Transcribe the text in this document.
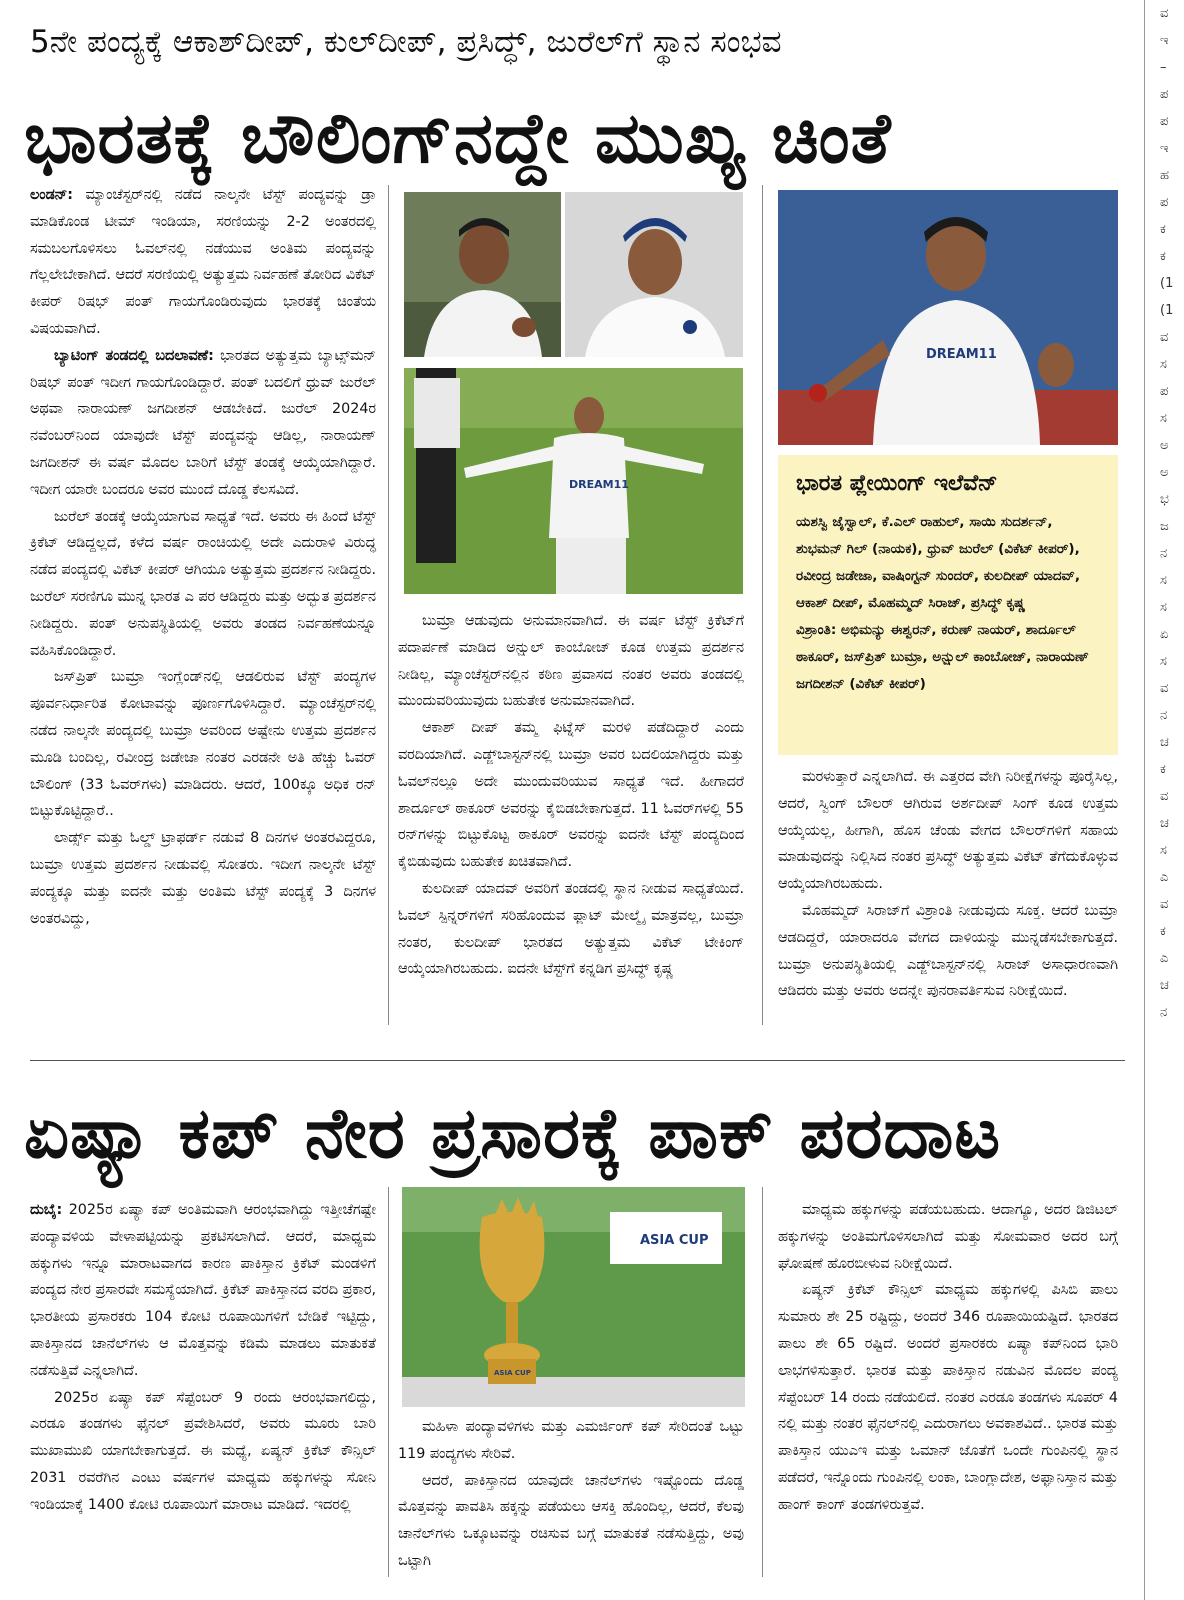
5ನೇ ಪಂದ್ಯಕ್ಕೆ ಆಕಾಶ್‌ದೀಪ್, ಕುಲ್‌ದೀಪ್, ಪ್ರಸಿದ್ಧ್, ಜುರೆಲ್‌ಗೆ ಸ್ಥಾನ ಸಂಭವ
ಭಾರತಕ್ಕೆ ಬೌಲಿಂಗ್‌ನದ್ದೇ ಮುಖ್ಯ ಚಿಂತೆ

ಲಂಡನ್: ಮ್ಯಾಂಚೆಸ್ಟರ್‌ನಲ್ಲಿ ನಡೆದ ನಾಲ್ಕನೇ ಟೆಸ್ಟ್ ಪಂದ್ಯವನ್ನು ಡ್ರಾ ಮಾಡಿಕೊಂಡ ಟೀಮ್ ಇಂಡಿಯಾ, ಸರಣಿಯನ್ನು 2-2 ಅಂತರದಲ್ಲಿ ಸಮಬಲಗೊಳಿಸಲು ಓವಲ್‌ನಲ್ಲಿ ನಡೆಯುವ ಅಂತಿಮ ಪಂದ್ಯವನ್ನು ಗೆಲ್ಲಲೇಬೇಕಾಗಿದೆ. ಆದರೆ ಸರಣಿಯಲ್ಲಿ ಅತ್ಯುತ್ತಮ ನಿರ್ವಹಣೆ ತೋರಿದ ವಿಕೆಟ್ ಕೀಪರ್ ರಿಷಭ್ ಪಂತ್ ಗಾಯಗೊಂಡಿರುವುದು ಭಾರತಕ್ಕೆ ಚಿಂತೆಯ ವಿಷಯವಾಗಿದೆ.

ಬ್ಯಾಟಿಂಗ್ ತಂಡದಲ್ಲಿ ಬದಲಾವಣೆ: ಭಾರತದ ಅತ್ಯುತ್ತಮ ಬ್ಯಾಟ್ಸ್‌ಮನ್ ರಿಷಭ್ ಪಂತ್ ಇದೀಗ ಗಾಯಗೊಂಡಿದ್ದಾರೆ. ಪಂತ್ ಬದಲಿಗೆ ಧ್ರುವ್ ಜುರೆಲ್ ಅಥವಾ ನಾರಾಯಣ್ ಜಗದೀಶನ್ ಆಡಬೇಕಿದೆ. ಜುರೆಲ್ 2024ರ ನವೆಂಬರ್‌ನಿಂದ ಯಾವುದೇ ಟೆಸ್ಟ್ ಪಂದ್ಯವನ್ನು ಆಡಿಲ್ಲ, ನಾರಾಯಣ್ ಜಗದೀಶನ್ ಈ ವರ್ಷ ಮೊದಲ ಬಾರಿಗೆ ಟೆಸ್ಟ್ ತಂಡಕ್ಕೆ ಆಯ್ಕೆಯಾಗಿದ್ದಾರೆ. ಇದೀಗ ಯಾರೇ ಬಂದರೂ ಅವರ ಮುಂದೆ ದೊಡ್ಡ ಕೆಲಸವಿದೆ.

ಜುರೆಲ್ ತಂಡಕ್ಕೆ ಆಯ್ಕೆಯಾಗುವ ಸಾಧ್ಯತೆ ಇದೆ. ಅವರು ಈ ಹಿಂದೆ ಟೆಸ್ಟ್ ಕ್ರಿಕೆಟ್ ಆಡಿದ್ದಲ್ಲದೆ, ಕಳೆದ ವರ್ಷ ರಾಂಚಿಯಲ್ಲಿ ಅದೇ ಎದುರಾಳಿ ವಿರುದ್ಧ ನಡೆದ ಪಂದ್ಯದಲ್ಲಿ ವಿಕೆಟ್ ಕೀಪರ್ ಆಗಿಯೂ ಅತ್ಯುತ್ತಮ ಪ್ರದರ್ಶನ ನೀಡಿದ್ದರು. ಜುರೆಲ್ ಸರಣಿಗೂ ಮುನ್ನ ಭಾರತ ಎ ಪರ ಆಡಿದ್ದರು ಮತ್ತು ಅದ್ಭುತ ಪ್ರದರ್ಶನ ನೀಡಿದ್ದರು. ಪಂತ್ ಅನುಪಸ್ಥಿತಿಯಲ್ಲಿ ಅವರು ತಂಡದ ನಿರ್ವಹಣೆಯನ್ನೂ ವಹಿಸಿಕೊಂಡಿದ್ದಾರೆ.

ಜಸ್‌ಪ್ರಿತ್ ಬುಮ್ರಾ ಇಂಗ್ಲೆಂಡ್‌ನಲ್ಲಿ ಆಡಲಿರುವ ಟೆಸ್ಟ್ ಪಂದ್ಯಗಳ ಪೂರ್ವನಿರ್ಧಾರಿತ ಕೋಟಾವನ್ನು ಪೂರ್ಣಗೊಳಿಸಿದ್ದಾರೆ. ಮ್ಯಾಂಚೆಸ್ಟರ್‌ನಲ್ಲಿ ನಡೆದ ನಾಲ್ಕನೇ ಪಂದ್ಯದಲ್ಲಿ ಬುಮ್ರಾ ಅವರಿಂದ ಅಷ್ಟೇನು ಉತ್ತಮ ಪ್ರದರ್ಶನ ಮೂಡಿ ಬಂದಿಲ್ಲ, ರವೀಂದ್ರ ಜಡೇಜಾ ನಂತರ ಎರಡನೇ ಅತಿ ಹೆಚ್ಚು ಓವರ್ ಬೌಲಿಂಗ್ (33 ಓವರ್‌ಗಳು) ಮಾಡಿದರು. ಆದರೆ, 100ಕ್ಕೂ ಅಧಿಕ ರನ್ ಬಿಟ್ಟುಕೊಟ್ಟಿದ್ದಾರೆ..

ಲಾರ್ಡ್ಸ್ ಮತ್ತು ಓಲ್ಡ್ ಟ್ರಾಫರ್ಡ್ ನಡುವೆ 8 ದಿನಗಳ ಅಂತರವಿದ್ದರೂ, ಬುಮ್ರಾ ಉತ್ತಮ ಪ್ರದರ್ಶನ ನೀಡುವಲ್ಲಿ ಸೋತರು. ಇದೀಗ ನಾಲ್ಕನೇ ಟೆಸ್ಟ್ ಪಂದ್ಯಕ್ಕೂ ಮತ್ತು ಐದನೇ ಮತ್ತು ಅಂತಿಮ ಟೆಸ್ಟ್ ಪಂದ್ಯಕ್ಕೆ 3 ದಿನಗಳ ಅಂತರವಿದ್ದು,

ಬುಮ್ರಾ ಆಡುವುದು ಅನುಮಾನವಾಗಿದೆ. ಈ ವರ್ಷ ಟೆಸ್ಟ್ ಕ್ರಿಕೆಟ್‌ಗೆ ಪದಾರ್ಪಣೆ ಮಾಡಿದ ಅನ್ಷುಲ್ ಕಾಂಬೋಜ್ ಕೂಡ ಉತ್ತಮ ಪ್ರದರ್ಶನ ನೀಡಿಲ್ಲ, ಮ್ಯಾಂಚೆಸ್ಟರ್‌ನಲ್ಲಿನ ಕಠಿಣ ಪ್ರವಾಸದ ನಂತರ ಅವರು ತಂಡದಲ್ಲಿ ಮುಂದುವರಿಯುವುದು ಬಹುತೇಕ ಅನುಮಾನವಾಗಿದೆ.

ಆಕಾಶ್ ದೀಪ್ ತಮ್ಮ ಫಿಟ್ನೆಸ್ ಮರಳಿ ಪಡೆದಿದ್ದಾರೆ ಎಂದು ವರದಿಯಾಗಿದೆ. ಎಡ್ಜ್‌ಬಾಸ್ಟನ್‌ನಲ್ಲಿ ಬುಮ್ರಾ ಅವರ ಬದಲಿಯಾಗಿದ್ದರು ಮತ್ತು ಓವಲ್‌ನಲ್ಲೂ ಅದೇ ಮುಂದುವರಿಯುವ ಸಾಧ್ಯತೆ ಇದೆ. ಹೀಗಾದರೆ ಶಾರ್ದೂಲ್ ಠಾಕೂರ್ ಅವರನ್ನು ಕೈಬಿಡಬೇಕಾಗುತ್ತದೆ. 11 ಓವರ್‌ಗಳಲ್ಲಿ 55 ರನ್‌ಗಳನ್ನು ಬಿಟ್ಟುಕೊಟ್ಟ ಠಾಕೂರ್ ಅವರನ್ನು ಐದನೇ ಟೆಸ್ಟ್ ಪಂದ್ಯದಿಂದ ಕೈಬಿಡುವುದು ಬಹುತೇಕ ಖಚಿತವಾಗಿದೆ.

ಕುಲದೀಪ್ ಯಾದವ್ ಅವರಿಗೆ ತಂಡದಲ್ಲಿ ಸ್ಥಾನ ನೀಡುವ ಸಾಧ್ಯತೆಯಿದೆ. ಓವಲ್ ಸ್ಪಿನ್ನರ್‌ಗಳಿಗೆ ಸರಿಹೊಂದುವ ಫ್ಲಾಟ್ ಮೇಲ್ಮೈ ಮಾತ್ರವಲ್ಲ, ಬುಮ್ರಾ ನಂತರ, ಕುಲದೀಪ್ ಭಾರತದ ಅತ್ಯುತ್ತಮ ವಿಕೆಟ್ ಟೇಕಿಂಗ್ ಆಯ್ಕೆಯಾಗಿರಬಹುದು. ಐದನೇ ಟೆಸ್ಟ್‌ಗೆ ಕನ್ನಡಿಗ ಪ್ರಸಿದ್ಧ್ ಕೃಷ್ಣ

ಮರಳುತ್ತಾರೆ ಎನ್ನಲಾಗಿದೆ. ಈ ಎತ್ತರದ ವೇಗಿ ನಿರೀಕ್ಷೆಗಳನ್ನು ಪೂರೈಸಿಲ್ಲ, ಆದರೆ, ಸ್ವಿಂಗ್ ಬೌಲರ್ ಆಗಿರುವ ಅರ್ಶದೀಪ್ ಸಿಂಗ್ ಕೂಡ ಉತ್ತಮ ಆಯ್ಕೆಯಲ್ಲ, ಹೀಗಾಗಿ, ಹೊಸ ಚೆಂಡು ವೇಗದ ಬೌಲರ್‌ಗಳಿಗೆ ಸಹಾಯ ಮಾಡುವುದನ್ನು ನಿಲ್ಲಿಸಿದ ನಂತರ ಪ್ರಸಿದ್ಧ್ ಅತ್ಯುತ್ತಮ ವಿಕೆಟ್ ತೆಗೆದುಕೊಳ್ಳುವ ಆಯ್ಕೆಯಾಗಿರಬಹುದು.

ಮೊಹಮ್ಮದ್ ಸಿರಾಜ್‌ಗೆ ವಿಶ್ರಾಂತಿ ನೀಡುವುದು ಸೂಕ್ತ. ಆದರೆ ಬುಮ್ರಾ ಆಡದಿದ್ದರೆ, ಯಾರಾದರೂ ವೇಗದ ದಾಳಿಯನ್ನು ಮುನ್ನಡೆಸಬೇಕಾಗುತ್ತದೆ. ಬುಮ್ರಾ ಅನುಪಸ್ಥಿತಿಯಲ್ಲಿ ಎಡ್ಜ್‌ಬಾಸ್ಟನ್‌ನಲ್ಲಿ ಸಿರಾಜ್ ಅಸಾಧಾರಣವಾಗಿ ಆಡಿದರು ಮತ್ತು ಅವರು ಅದನ್ನೇ ಪುನರಾವರ್ತಿಸುವ ನಿರೀಕ್ಷೆಯಿದೆ.

DREAM11
DREAM11
ಭಾರತ ಪ್ಲೇಯಿಂಗ್ ಇಲೆವೆನ್

ಯಶಸ್ವಿ ಜೈಸ್ವಾಲ್, ಕೆ.ಎಲ್ ರಾಹುಲ್, ಸಾಯಿ ಸುದರ್ಶನ್, ಶುಭಮನ್ ಗಿಲ್ (ನಾಯಕ), ಧ್ರುವ್ ಜುರೆಲ್ (ವಿಕೆಟ್ ಕೀಪರ್), ರವೀಂದ್ರ ಜಡೇಜಾ, ವಾಷಿಂಗ್ಟನ್ ಸುಂದರ್, ಕುಲದೀಪ್ ಯಾದವ್, ಆಕಾಶ್ ದೀಪ್, ಮೊಹಮ್ಮದ್ ಸಿರಾಜ್, ಪ್ರಸಿದ್ಧ್ ಕೃಷ್ಣ

ವಿಶ್ರಾಂತಿ: ಅಭಿಮನ್ಯು ಈಶ್ವರನ್, ಕರುಣ್ ನಾಯರ್, ಶಾರ್ದೂಲ್ ಠಾಕೂರ್, ಜಸ್‌ಪ್ರಿತ್ ಬುಮ್ರಾ, ಅನ್ಷುಲ್ ಕಾಂಬೋಜ್, ನಾರಾಯಣ್ ಜಗದೀಶನ್ (ವಿಕೆಟ್ ಕೀಪರ್)

ಏಷ್ಯಾ ಕಪ್ ನೇರ ಪ್ರಸಾರಕ್ಕೆ ಪಾಕ್ ಪರದಾಟ

ದುಬೈ: 2025ರ ಏಷ್ಯಾ ಕಪ್ ಅಂತಿಮವಾಗಿ ಆರಂಭವಾಗಿದ್ದು ಇತ್ತೀಚೆಗಷ್ಟೇ ಪಂದ್ಯಾವಳಿಯ ವೇಳಾಪಟ್ಟಿಯನ್ನು ಪ್ರಕಟಿಸಲಾಗಿದೆ. ಆದರೆ, ಮಾಧ್ಯಮ ಹಕ್ಕುಗಳು ಇನ್ನೂ ಮಾರಾಟವಾಗದ ಕಾರಣ ಪಾಕಿಸ್ತಾನ ಕ್ರಿಕೆಟ್ ಮಂಡಳಿಗೆ ಪಂದ್ಯದ ನೇರ ಪ್ರಸಾರವೇ ಸಮಸ್ಯೆಯಾಗಿದೆ. ಕ್ರಿಕೆಟ್ ಪಾಕಿಸ್ತಾನದ ವರದಿ ಪ್ರಕಾರ, ಭಾರತೀಯ ಪ್ರಸಾರಕರು 104 ಕೋಟಿ ರೂಪಾಯಿಗಳಿಗೆ ಬೇಡಿಕೆ ಇಟ್ಟಿದ್ದು, ಪಾಕಿಸ್ತಾನದ ಚಾನೆಲ್‌ಗಳು ಆ ಮೊತ್ತವನ್ನು ಕಡಿಮೆ ಮಾಡಲು ಮಾತುಕತೆ ನಡೆಸುತ್ತಿವೆ ಎನ್ನಲಾಗಿದೆ.

2025ರ ಏಷ್ಯಾ ಕಪ್ ಸೆಪ್ಟೆಂಬರ್ 9 ರಂದು ಆರಂಭವಾಗಲಿದ್ದು, ಎರಡೂ ತಂಡಗಳು ಫೈನಲ್ ಪ್ರವೇಶಿಸಿದರೆ, ಅವರು ಮೂರು ಬಾರಿ ಮುಖಾಮುಖಿ ಯಾಗಬೇಕಾಗುತ್ತದೆ. ಈ ಮಧ್ಯೆ, ಏಷ್ಯನ್ ಕ್ರಿಕೆಟ್ ಕೌನ್ಸಿಲ್ 2031 ರವರೆಗಿನ ಎಂಟು ವರ್ಷಗಳ ಮಾಧ್ಯಮ ಹಕ್ಕುಗಳನ್ನು ಸೋನಿ ಇಂಡಿಯಾಕ್ಕೆ 1400 ಕೋಟಿ ರೂಪಾಯಿಗೆ ಮಾರಾಟ ಮಾಡಿದೆ. ಇದರಲ್ಲಿ

ಮಹಿಳಾ ಪಂದ್ಯಾವಳಿಗಳು ಮತ್ತು ಎಮರ್ಜಿಂಗ್ ಕಪ್ ಸೇರಿದಂತೆ ಒಟ್ಟು 119 ಪಂದ್ಯಗಳು ಸೇರಿವೆ.

ಆದರೆ, ಪಾಕಿಸ್ತಾನದ ಯಾವುದೇ ಚಾನೆಲ್‌ಗಳು ಇಷ್ಟೊಂದು ದೊಡ್ಡ ಮೊತ್ತವನ್ನು ಪಾವತಿಸಿ ಹಕ್ಕನ್ನು ಪಡೆಯಲು ಆಸಕ್ತಿ ಹೊಂದಿಲ್ಲ, ಆದರೆ, ಕೆಲವು ಚಾನೆಲ್‌ಗಳು ಒಕ್ಕೂಟವನ್ನು ರಚಿಸುವ ಬಗ್ಗೆ ಮಾತುಕತೆ ನಡೆಸುತ್ತಿದ್ದು, ಅವು ಒಟ್ಟಾಗಿ

ಮಾಧ್ಯಮ ಹಕ್ಕುಗಳನ್ನು ಪಡೆಯಬಹುದು. ಆದಾಗ್ಯೂ, ಅದರ ಡಿಜಿಟಲ್ ಹಕ್ಕುಗಳನ್ನು ಅಂತಿಮಗೊಳಿಸಲಾಗಿದೆ ಮತ್ತು ಸೋಮವಾರ ಅದರ ಬಗ್ಗೆ ಘೋಷಣೆ ಹೊರಬೀಳುವ ನಿರೀಕ್ಷೆಯಿದೆ.

ಏಷ್ಯನ್ ಕ್ರಿಕೆಟ್ ಕೌನ್ಸಿಲ್ ಮಾಧ್ಯಮ ಹಕ್ಕುಗಳಲ್ಲಿ ಪಿಸಿಬಿ ಪಾಲು ಸುಮಾರು ಶೇ 25 ರಷ್ಟಿದ್ದು, ಅಂದರೆ 346 ರೂಪಾಯಿಯಷ್ಟಿದೆ. ಭಾರತದ ಪಾಲು ಶೇ 65 ರಷ್ಟಿದೆ. ಅಂದರೆ ಪ್ರಸಾರಕರು ಏಷ್ಯಾ ಕಪ್‌ನಿಂದ ಭಾರಿ ಲಾಭಗಳಿಸುತ್ತಾರೆ. ಭಾರತ ಮತ್ತು ಪಾಕಿಸ್ತಾನ ನಡುವಿನ ಮೊದಲ ಪಂದ್ಯ ಸೆಪ್ಟೆಂಬರ್ 14 ರಂದು ನಡೆಯಲಿದೆ. ನಂತರ ಎರಡೂ ತಂಡಗಳು ಸೂಪರ್ 4 ನಲ್ಲಿ ಮತ್ತು ನಂತರ ಫೈನಲ್‌ನಲ್ಲಿ ಎದುರಾಗಲು ಅವಕಾಶವಿದೆ.. ಭಾರತ ಮತ್ತು ಪಾಕಿಸ್ತಾನ ಯುಎಇ ಮತ್ತು ಒಮಾನ್ ಜೊತೆಗೆ ಒಂದೇ ಗುಂಪಿನಲ್ಲಿ ಸ್ಥಾನ ಪಡೆದರೆ, ಇನ್ನೊಂದು ಗುಂಪಿನಲ್ಲಿ ಲಂಕಾ, ಬಾಂಗ್ಲಾದೇಶ, ಅಫ್ಘಾನಿಸ್ತಾನ ಮತ್ತು ಹಾಂಗ್ ಕಾಂಗ್ ತಂಡಗಳಿರುತ್ತವೆ.

ASIA CUP
ASIA CUP
ವ
ಇ
–
ಪ
ಪ
ಇ
ಹ
ಪ
ಕ
ಕ
(1
(1
ವ
ಸ
ಪ
ಸ
ಅ
ಅ
ಭ
ಜ
ನ
ಸ
ಸ
ಏ
ಸ
ವ
ನ
ಚ
ಕ
ವ
ಚ
ಸ
ಎ
ವ
ಕ
ಎ
ಚ
ನ
